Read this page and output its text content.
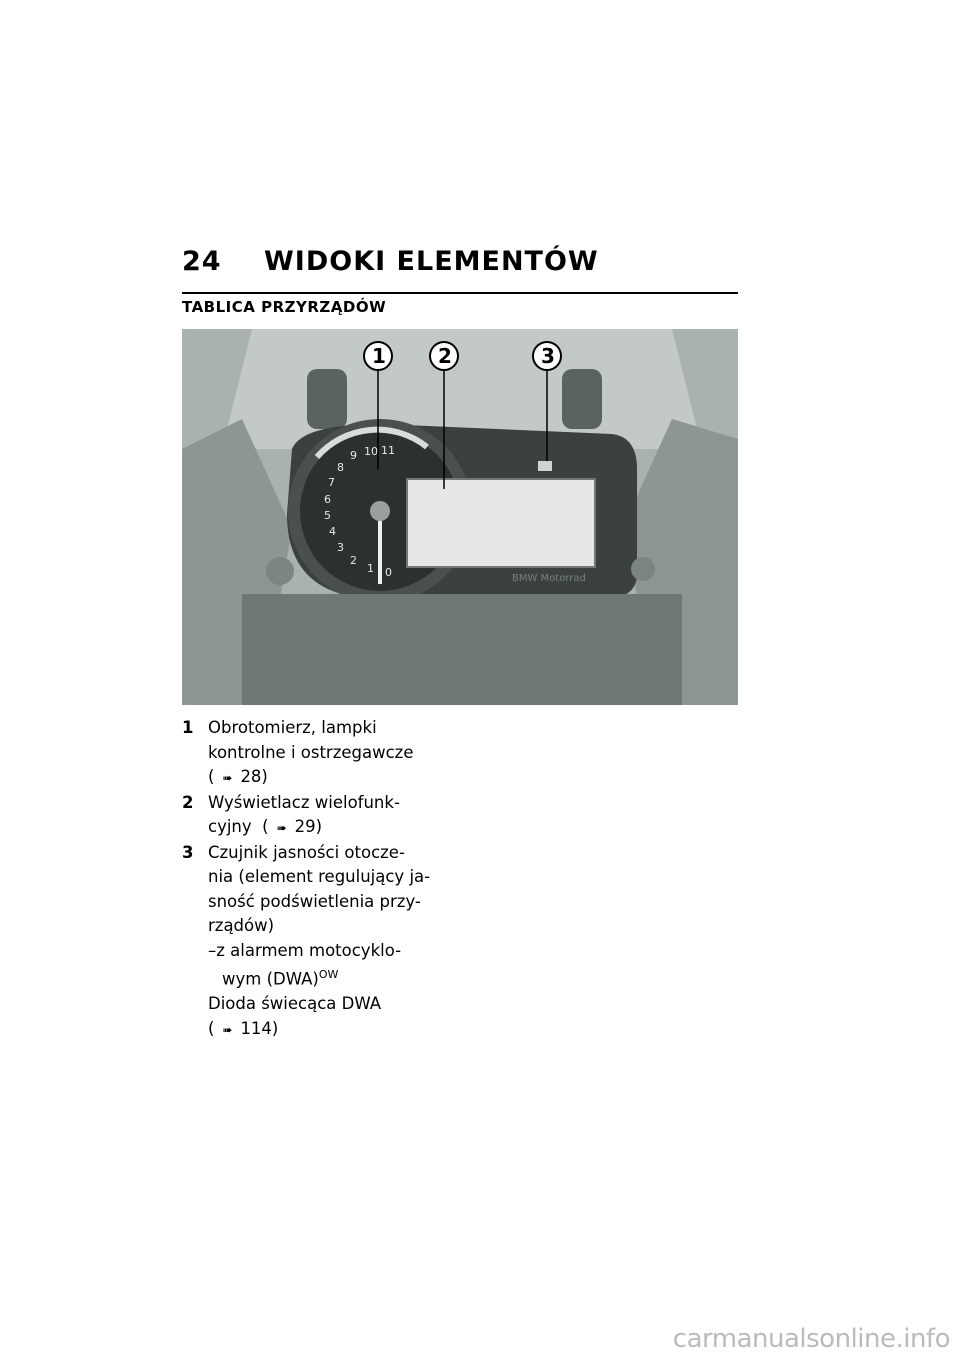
24 WIDOKI ELEMENTÓW
TABLICA PRZYRZĄDÓW
0
1
2
3
4
5
6
7
8
9 10 11
BMW Motorrad
1	2	3
1 Obrotomierz, lampki
kontrolne i ostrzegawcze
( ➠ 28)
2 Wyświetlacz wielofunk-
cyjny ( ➠ 29)
3 Czujnik jasności otocze-
nia (element regulujący ja-
sność podświetlenia przy-
rządów)
–z alarmem motocyklo-
wym (DWA)$^{OW}$
Dioda świecąca DWA
( ➠ 114)
carmanualsonline.info
